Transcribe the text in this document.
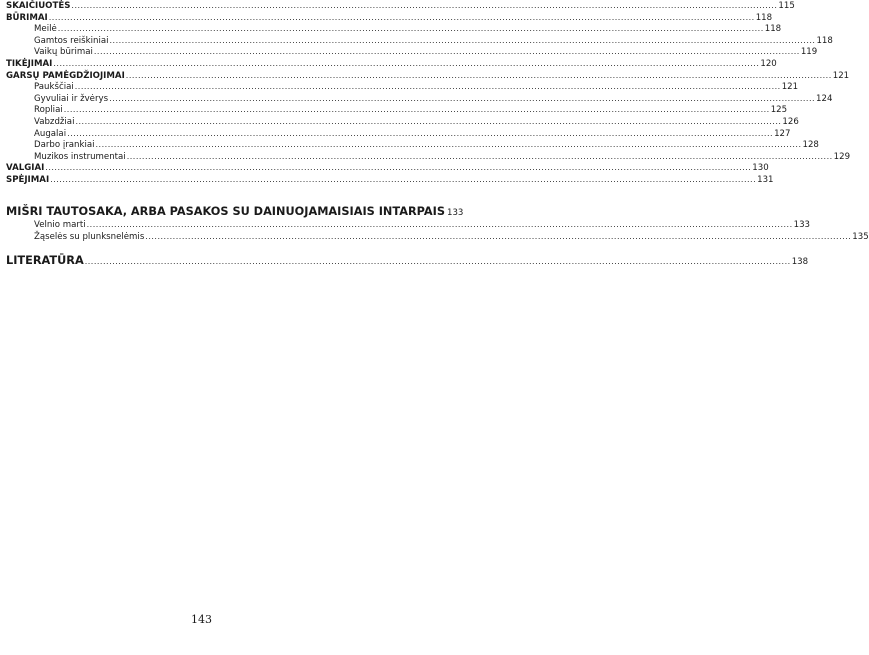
SKAIČIUOTĖS .....	115
BŪRIMAI .....	118
Meilė .....	118
Gamtos reiškiniai .....	118
Vaikų būrimai .....	119
TIKĖJIMAI .....	120
GARSŲ PAMĖGDŽIOJIMAI .....	121
Paukščiai .....	121
Gyvuliai ir žvėrys .....	124
Ropliai .....	125
Vabzdžiai .....	126
Augalai .....	127
Darbo įrankiai .....	128
Muzikos instrumentai .....	129
VALGIAI .....	130
SPĖJIMAI .....	131
MIŠRI TAUTOSAKA, ARBA PASAKOS SU DAINUOJAMAISIAIS INTARPAIS 133
Velnio marti .....	133
Žąselės su plunksnelėmis .....	135
LITERATŪRA .....	138
143
